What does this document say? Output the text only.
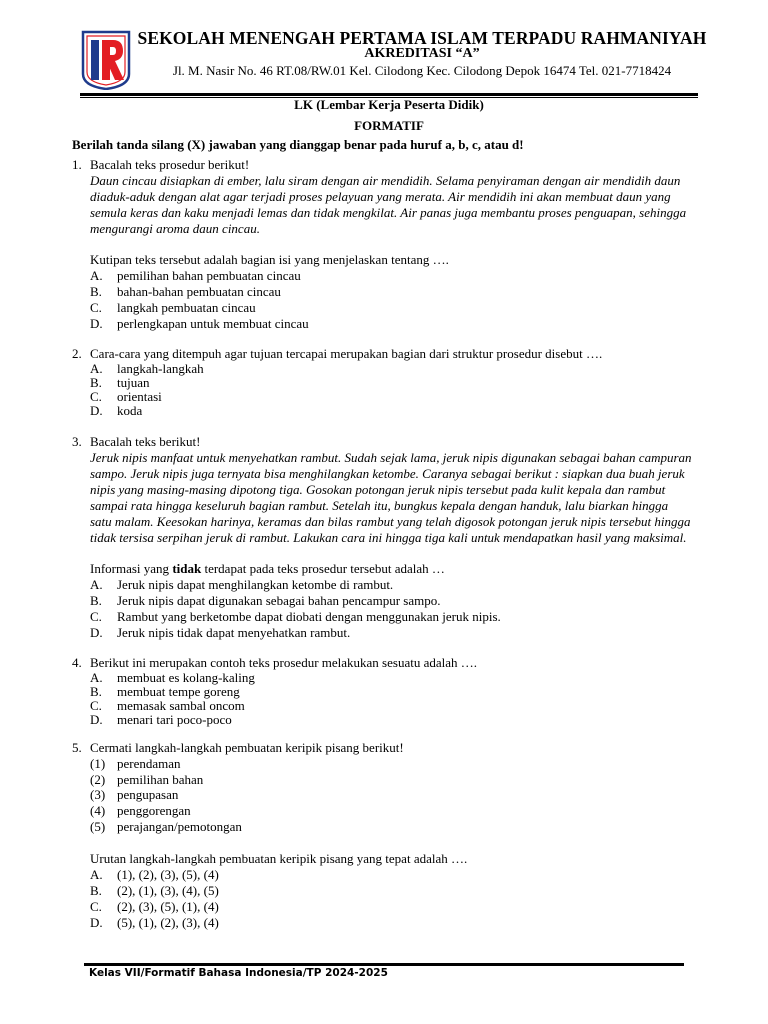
SEKOLAH MENENGAH PERTAMA ISLAM TERPADU RAHMANIYAH
AKREDITASI “A”
Jl. M. Nasir No. 46 RT.08/RW.01 Kel. Cilodong Kec. Cilodong Depok 16474 Tel. 021-7718424
LK (Lembar Kerja Peserta Didik)
FORMATIF
Berilah tanda silang (X) jawaban yang dianggap benar pada huruf a, b, c, atau d!
1. Bacalah teks prosedur berikut!
Daun cincau disiapkan di ember, lalu siram dengan air mendidih. Selama penyiraman dengan air mendidih daun diaduk-aduk dengan alat agar terjadi proses pelayuan yang merata. Air mendidih ini akan membuat daun yang semula keras dan kaku menjadi lemas dan tidak mengkilat. Air panas juga membantu proses penguapan, sehingga mengurangi aroma daun cincau.
Kutipan teks tersebut adalah bagian isi yang menjelaskan tentang ….
A. pemilihan bahan pembuatan cincau
B. bahan-bahan pembuatan cincau
C. langkah pembuatan cincau
D. perlengkapan untuk membuat cincau
2. Cara-cara yang ditempuh agar tujuan tercapai merupakan bagian dari struktur prosedur disebut ….
A. langkah-langkah
B. tujuan
C. orientasi
D. koda
3. Bacalah teks berikut!
Jeruk nipis manfaat untuk menyehatkan rambut. Sudah sejak lama, jeruk nipis digunakan sebagai bahan campuran sampo. Jeruk nipis juga ternyata bisa menghilangkan ketombe. Caranya sebagai berikut : siapkan dua buah jeruk nipis yang masing-masing dipotong tiga. Gosokan potongan jeruk nipis tersebut pada kulit kepala dan rambut sampai rata hingga keseluruh bagian rambut. Setelah itu, bungkus kepala dengan handuk, lalu biarkan hingga satu malam. Keesokan harinya, keramas dan bilas rambut yang telah digosok potongan jeruk nipis tersebut hingga tidak tersisa serpihan jeruk di rambut. Lakukan cara ini hingga tiga kali untuk mendapatkan hasil yang maksimal.
Informasi yang tidak terdapat pada teks prosedur tersebut adalah …
A. Jeruk nipis dapat menghilangkan ketombe di rambut.
B. Jeruk nipis dapat digunakan sebagai bahan pencampur sampo.
C. Rambut yang berketombe dapat diobati dengan menggunakan jeruk nipis.
D. Jeruk nipis tidak dapat menyehatkan rambut.
4. Berikut ini merupakan contoh teks prosedur melakukan sesuatu adalah ….
A. membuat es kolang-kaling
B. membuat tempe goreng
C. memasak sambal oncom
D. menari tari poco-poco
5. Cermati langkah-langkah pembuatan keripik pisang berikut!
(1) perendaman
(2) pemilihan bahan
(3) pengupasan
(4) penggorengan
(5) perajangan/pemotongan
Urutan langkah-langkah pembuatan keripik pisang yang tepat adalah ….
A. (1), (2), (3), (5), (4)
B. (2), (1), (3), (4), (5)
C. (2), (3), (5), (1), (4)
D. (5), (1), (2), (3), (4)
Kelas VII/Formatif Bahasa Indonesia/TP 2024-2025
